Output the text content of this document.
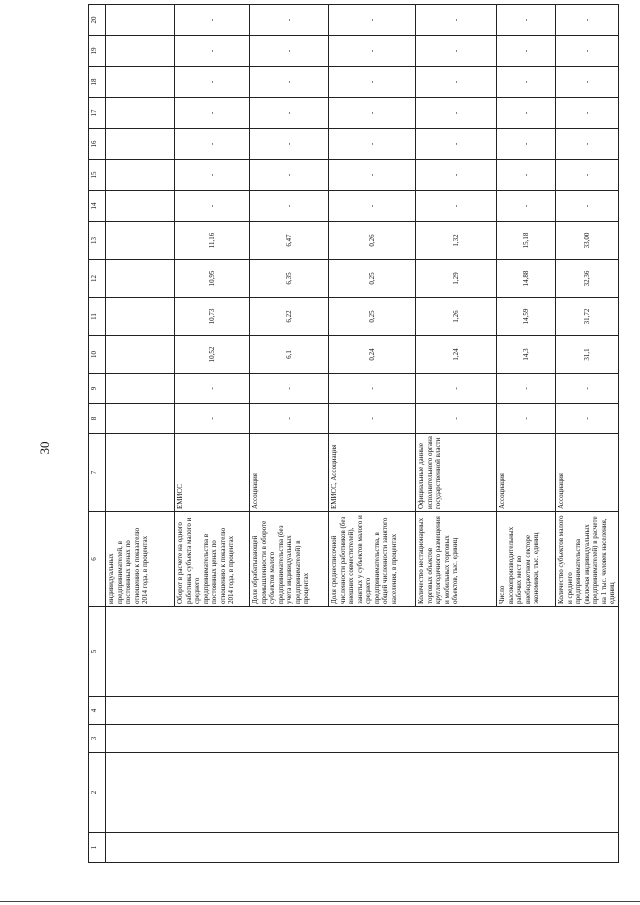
30
1	2	3	4	5	6	7	8	9	10	11	12	13	14	15	16	17	18	19	20
					индивидуальных предпринимателей, в постоянных ценах по отношению к показателю 2014 года, в процентах														
					Оборот в расчете на одного работника субъекта малого и среднего предпринимательства в постоянных ценах по отношению к показателю 2014 года, в процентах	ЕМИСС	-	-	10,52	10,73	10,95	11,16	-	-	-	-	-	-	-
					Доля обрабатывающей промышленности в обороте субъектов малого предпринимательства (без учета индивидуальных предпринимателей) в процентах	Ассоциация	-	-	6,1	6,22	6,35	6,47	-	-	-	-	-	-	-
					Доля среднесписочной численности работников (без внешних совместителей), занятых у субъектов малого и среднего предпринимательства, в общей численности занятого населения, в процентах	ЕМИСС, Ассоциация	-	-	0,24	0,25	0,25	0,26	-	-	-	-	-	-	-
					Количество нестационарных торговых объектов круглогодичного размещения и мобильных торговых объектов, тыс. единиц	Официальные данные исполнительного органа государственной власти	-	-	1,24	1,26	1,29	1,32	-	-	-	-	-	-	-
					Число высокопроизводительных рабочих мест во внебюджетном секторе экономики, тыс. единиц	Ассоциация	-	-	14,3	14,59	14,88	15,18	-	-	-	-	-	-	-
					Количество субъектов малого и среднего предпринимательства (включая индивидуальных предпринимателей) в расчете на 1 тыс. человек населения, единиц	Ассоциация	-	-	31,1	31,72	32,36	33,00	-	-	-	-	-	-	-
